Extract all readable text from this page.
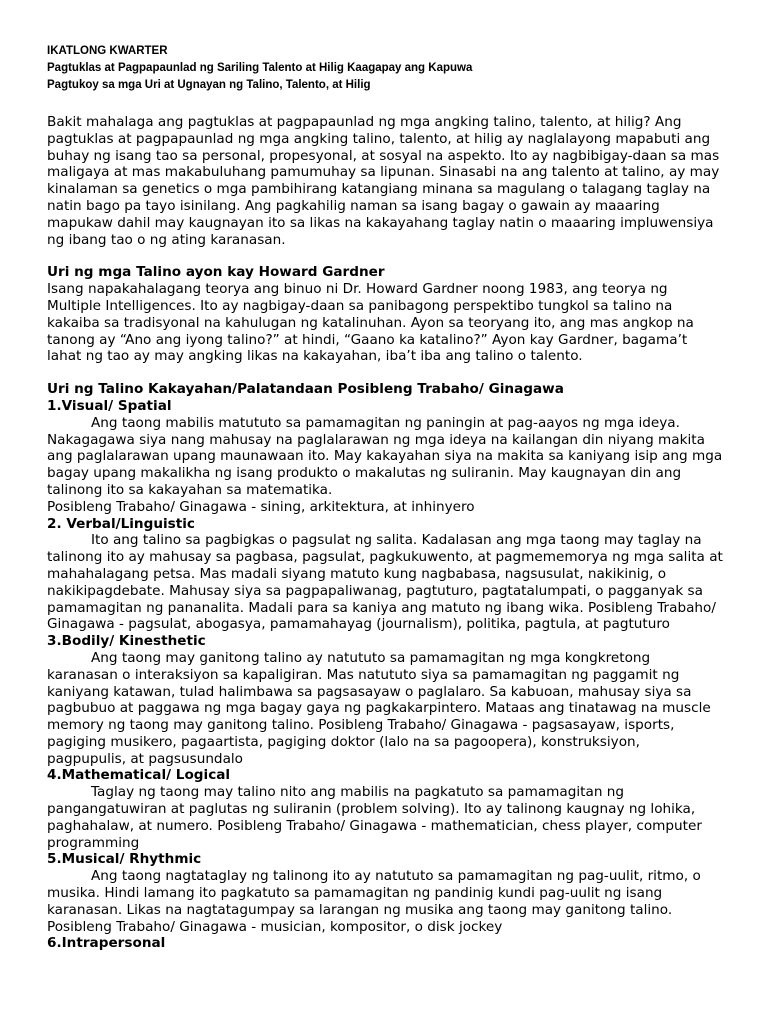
IKATLONG KWARTER

Pagtuklas at Pagpapaunlad ng Sariling Talento at Hilig Kaagapay ang Kapuwa

Pagtukoy sa mga Uri at Ugnayan ng Talino, Talento, at Hilig

Bakit mahalaga ang pagtuklas at pagpapaunlad ng mga angking talino, talento, at hilig? Ang pagtuklas at pagpapaunlad ng mga angking talino, talento, at hilig ay naglalayong mapabuti ang buhay ng isang tao sa personal, propesyonal, at sosyal na aspekto. Ito ay nagbibigay-daan sa mas maligaya at mas makabuluhang pamumuhay sa lipunan. Sinasabi na ang talento at talino, ay may kinalaman sa genetics o mga pambihirang katangiang minana sa magulang o talagang taglay na natin bago pa tayo isinilang. Ang pagkahilig naman sa isang bagay o gawain ay maaaring mapukaw dahil may kaugnayan ito sa likas na kakayahang taglay natin o maaaring impluwensiya ng ibang tao o ng ating karanasan.

Uri ng mga Talino ayon kay Howard Gardner

Isang napakahalagang teorya ang binuo ni Dr. Howard Gardner noong 1983, ang teorya ng Multiple Intelligences. Ito ay nagbigay-daan sa panibagong perspektibo tungkol sa talino na kakaiba sa tradisyonal na kahulugan ng katalinuhan. Ayon sa teoryang ito, ang mas angkop na tanong ay “Ano ang iyong talino?” at hindi, “Gaano ka katalino?” Ayon kay Gardner, bagama’t lahat ng tao ay may angking likas na kakayahan, iba’t iba ang talino o talento.

Uri ng Talino Kakayahan/Palatandaan Posibleng Trabaho/ Ginagawa

1.Visual/ Spatial

Ang taong mabilis matututo sa pamamagitan ng paningin at pag-aayos ng mga ideya. Nakagagawa siya nang mahusay na paglalarawan ng mga ideya na kailangan din niyang makita ang paglalarawan upang maunawaan ito. May kakayahan siya na makita sa kaniyang isip ang mga bagay upang makalikha ng isang produkto o makalutas ng suliranin. May kaugnayan din ang talinong ito sa kakayahan sa matematika.

Posibleng Trabaho/ Ginagawa - sining, arkitektura, at inhinyero

2. Verbal/Linguistic

Ito ang talino sa pagbigkas o pagsulat ng salita. Kadalasan ang mga taong may taglay na talinong ito ay mahusay sa pagbasa, pagsulat, pagkukuwento, at pagmememorya ng mga salita at mahahalagang petsa. Mas madali siyang matuto kung nagbabasa, nagsusulat, nakikinig, o nakikipagdebate. Mahusay siya sa pagpapaliwanag, pagtuturo, pagtatalumpati, o pagganyak sa pamamagitan ng pananalita. Madali para sa kaniya ang matuto ng ibang wika. Posibleng Trabaho/ Ginagawa - pagsulat, abogasya, pamamahayag (journalism), politika, pagtula, at pagtuturo

3.Bodily/ Kinesthetic

Ang taong may ganitong talino ay natututo sa pamamagitan ng mga kongkretong karanasan o interaksiyon sa kapaligiran. Mas natututo siya sa pamamagitan ng paggamit ng kaniyang katawan, tulad halimbawa sa pagsasayaw o paglalaro. Sa kabuoan, mahusay siya sa pagbubuo at paggawa ng mga bagay gaya ng pagkakarpintero. Mataas ang tinatawag na muscle memory ng taong may ganitong talino. Posibleng Trabaho/ Ginagawa - pagsasayaw, isports, pagiging musikero, pagaartista, pagiging doktor (lalo na sa pagoopera), konstruksiyon, pagpupulis, at pagsusundalo

4.Mathematical/ Logical

Taglay ng taong may talino nito ang mabilis na pagkatuto sa pamamagitan ng pangangatuwiran at paglutas ng suliranin (problem solving). Ito ay talinong kaugnay ng lohika, paghahalaw, at numero. Posibleng Trabaho/ Ginagawa - mathematician, chess player, computer programming

5.Musical/ Rhythmic

Ang taong nagtataglay ng talinong ito ay natututo sa pamamagitan ng pag-uulit, ritmo, o musika. Hindi lamang ito pagkatuto sa pamamagitan ng pandinig kundi pag-uulit ng isang karanasan. Likas na nagtatagumpay sa larangan ng musika ang taong may ganitong talino. Posibleng Trabaho/ Ginagawa - musician, kompositor, o disk jockey

6.Intrapersonal
